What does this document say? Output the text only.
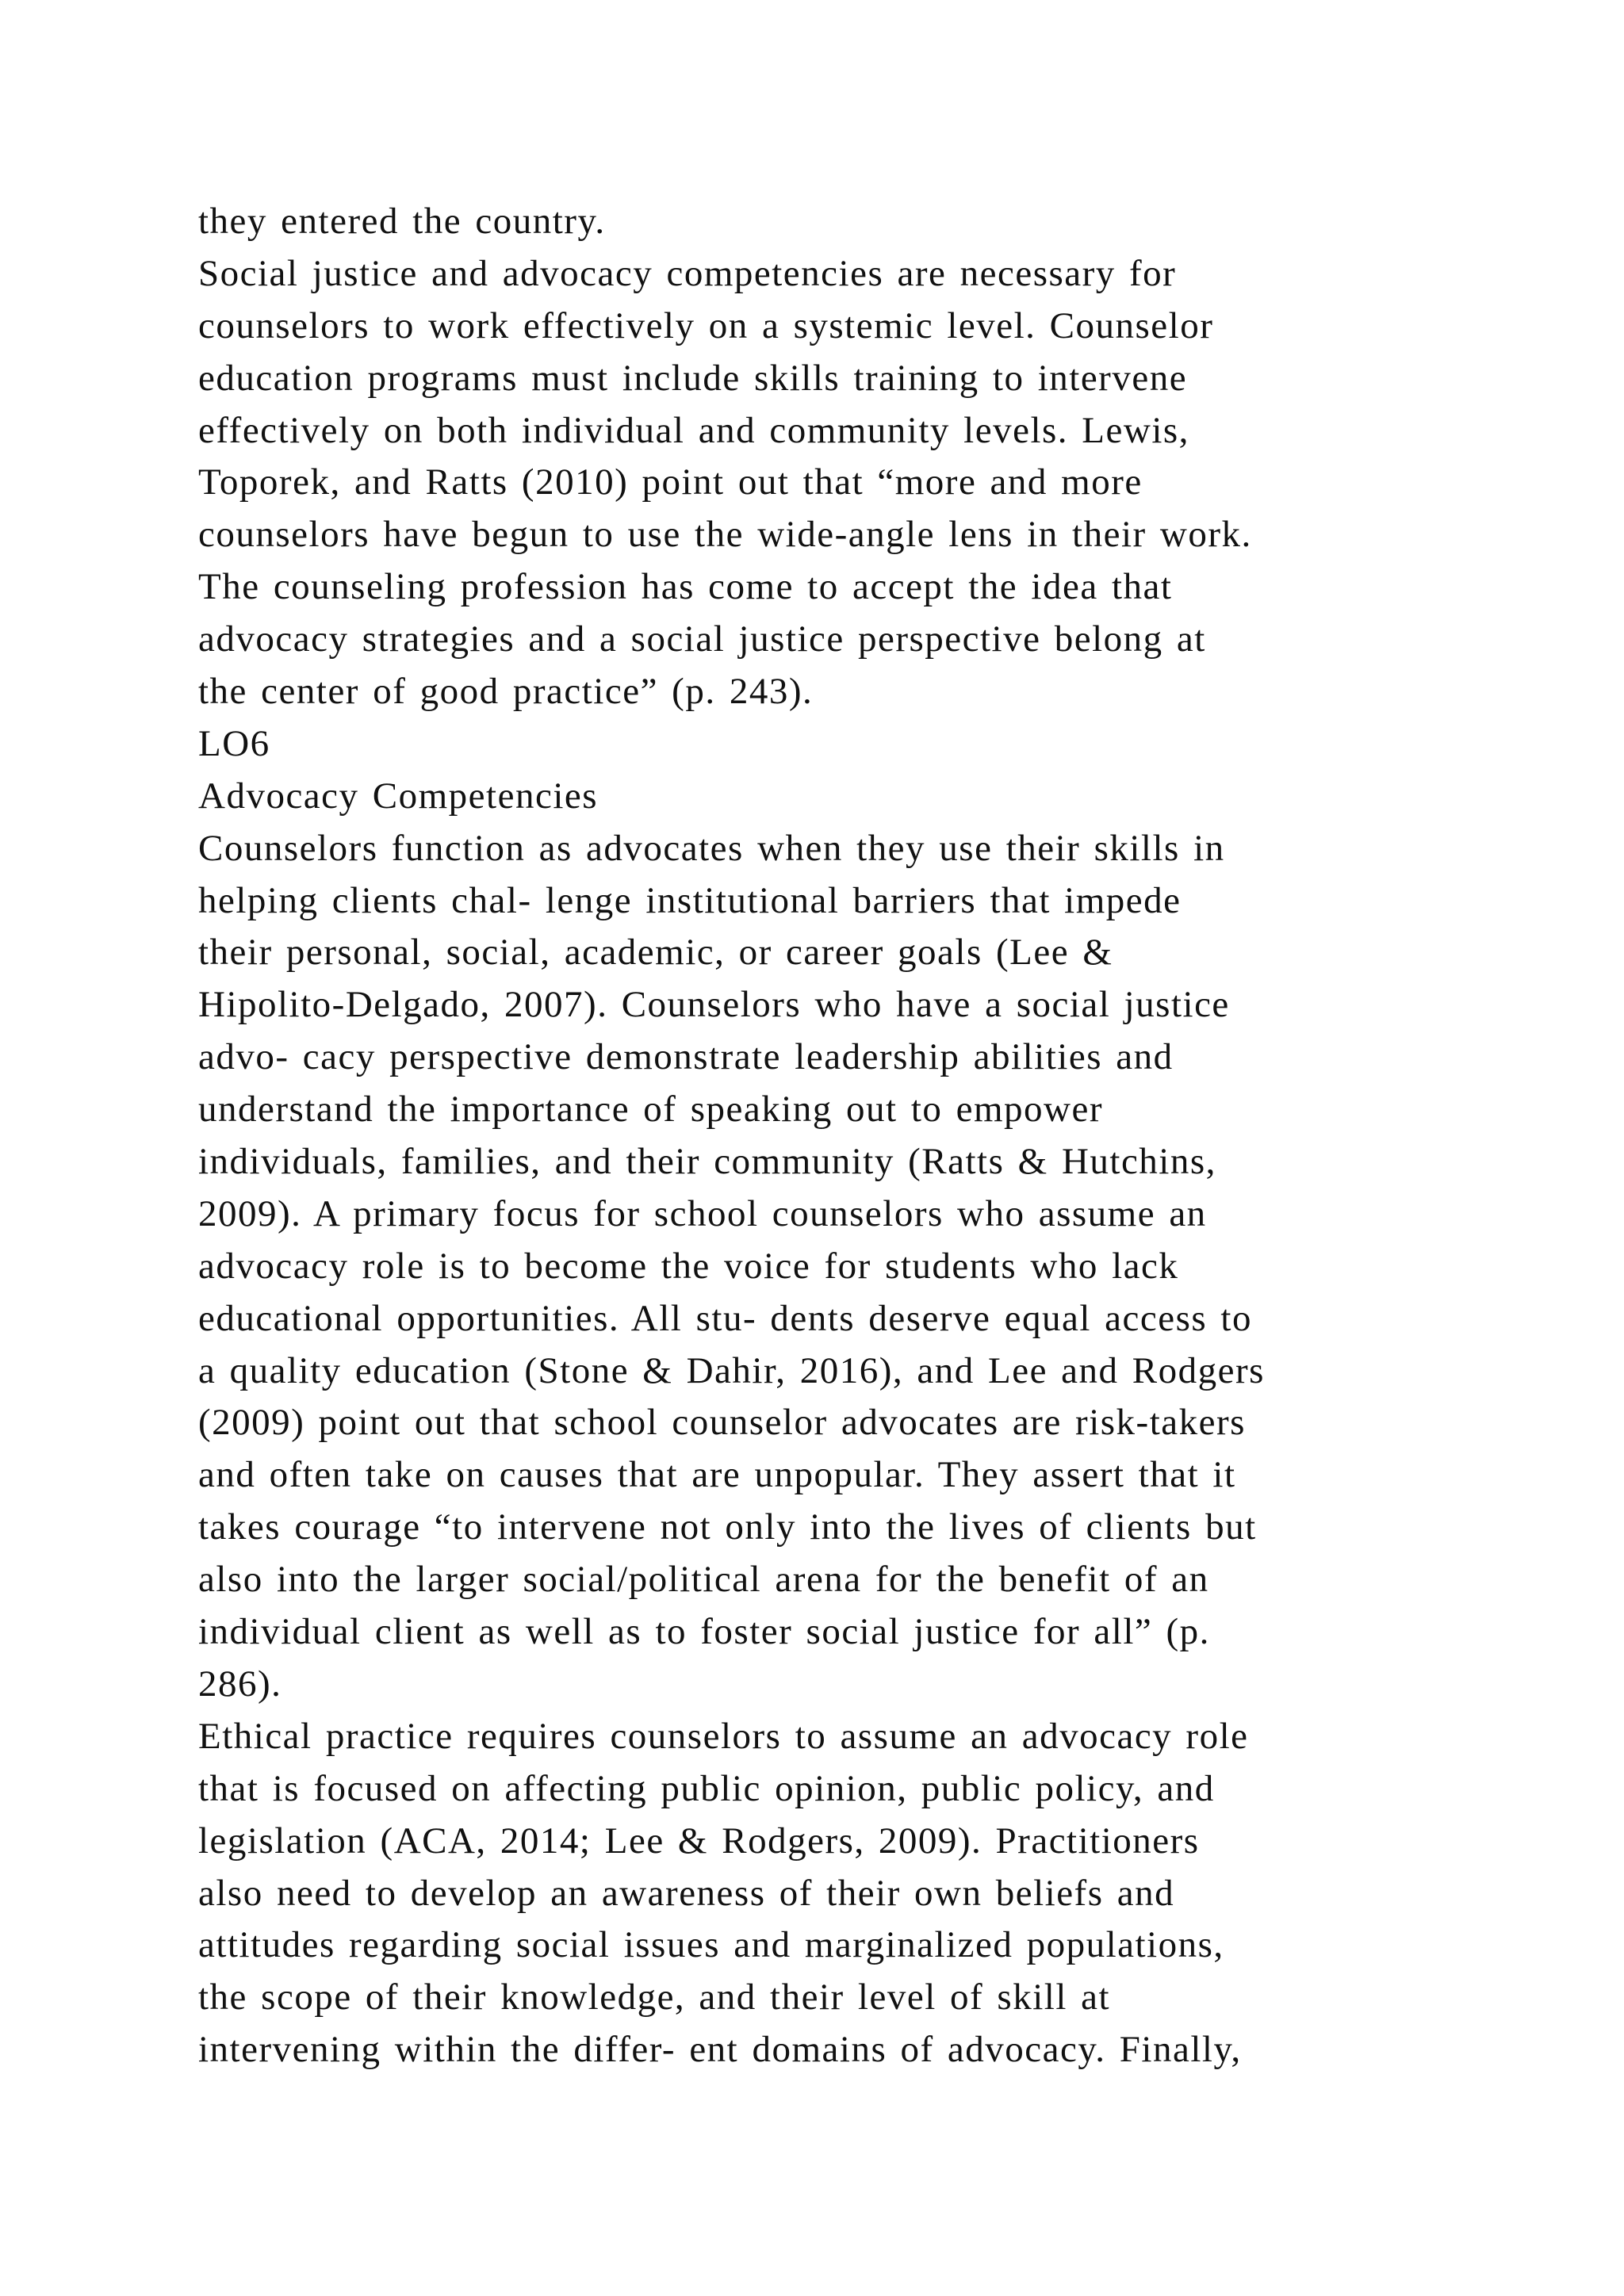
they entered the country.
Social justice and advocacy competencies are necessary for
counselors to work effectively on a systemic level. Counselor
education programs must include skills training to intervene
effectively on both individual and community levels. Lewis,
Toporek, and Ratts (2010) point out that “more and more
counselors have begun to use the wide-angle lens in their work.
The counseling profession has come to accept the idea that
advocacy strategies and a social justice perspective belong at
the center of good practice” (p. 243).
LO6
Advocacy Competencies
Counselors function as advocates when they use their skills in
helping clients chal- lenge institutional barriers that impede
their personal, social, academic, or career goals (Lee &
Hipolito-Delgado, 2007). Counselors who have a social justice
advo- cacy perspective demonstrate leadership abilities and
understand the importance of speaking out to empower
individuals, families, and their community (Ratts & Hutchins,
2009). A primary focus for school counselors who assume an
advocacy role is to become the voice for students who lack
educational opportunities. All stu- dents deserve equal access to
a quality education (Stone & Dahir, 2016), and Lee and Rodgers
(2009) point out that school counselor advocates are risk-takers
and often take on causes that are unpopular. They assert that it
takes courage “to intervene not only into the lives of clients but
also into the larger social/political arena for the benefit of an
individual client as well as to foster social justice for all” (p.
286).
Ethical practice requires counselors to assume an advocacy role
that is focused on affecting public opinion, public policy, and
legislation (ACA, 2014; Lee & Rodgers, 2009). Practitioners
also need to develop an awareness of their own beliefs and
attitudes regarding social issues and marginalized populations,
the scope of their knowledge, and their level of skill at
intervening within the differ- ent domains of advocacy. Finally,
